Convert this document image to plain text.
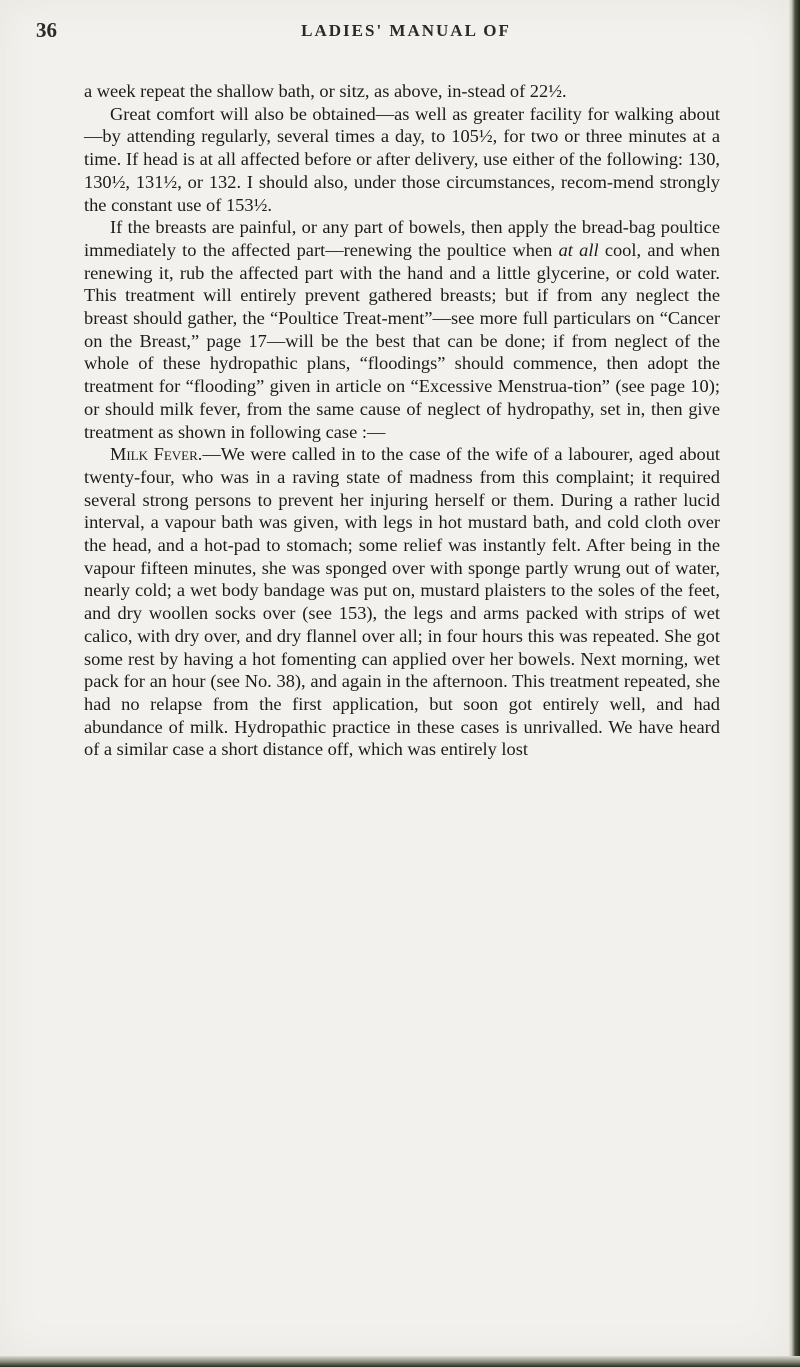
36	LADIES' MANUAL OF

a week repeat the shallow bath, or sitz, as above, in-stead of 22½.

Great comfort will also be obtained—as well as greater facility for walking about—by attending regularly, several times a day, to 105½, for two or three minutes at a time. If head is at all affected before or after delivery, use either of the following: 130, 130½, 131½, or 132. I should also, under those circumstances, recom-mend strongly the constant use of 153½.

If the breasts are painful, or any part of bowels, then apply the bread-bag poultice immediately to the affected part—renewing the poultice when at all cool, and when renewing it, rub the affected part with the hand and a little glycerine, or cold water. This treatment will entirely prevent gathered breasts; but if from any neglect the breast should gather, the “Poultice Treat-ment”—see more full particulars on “Cancer on the Breast,” page 17—will be the best that can be done; if from neglect of the whole of these hydropathic plans, “floodings” should commence, then adopt the treatment for “flooding” given in article on “Excessive Menstrua-tion” (see page 10); or should milk fever, from the same cause of neglect of hydropathy, set in, then give treatment as shown in following case :—

Milk Fever.—We were called in to the case of the wife of a labourer, aged about twenty-four, who was in a raving state of madness from this complaint; it required several strong persons to prevent her injuring herself or them. During a rather lucid interval, a vapour bath was given, with legs in hot mustard bath, and cold cloth over the head, and a hot-pad to stomach; some relief was instantly felt. After being in the vapour fifteen minutes, she was sponged over with sponge partly wrung out of water, nearly cold; a wet body bandage was put on, mustard plaisters to the soles of the feet, and dry woollen socks over (see 153), the legs and arms packed with strips of wet calico, with dry over, and dry flannel over all; in four hours this was repeated. She got some rest by having a hot fomenting can applied over her bowels. Next morning, wet pack for an hour (see No. 38), and again in the afternoon. This treatment repeated, she had no relapse from the first application, but soon got entirely well, and had abundance of milk. Hydropathic practice in these cases is unrivalled. We have heard of a similar case a short distance off, which was entirely lost
